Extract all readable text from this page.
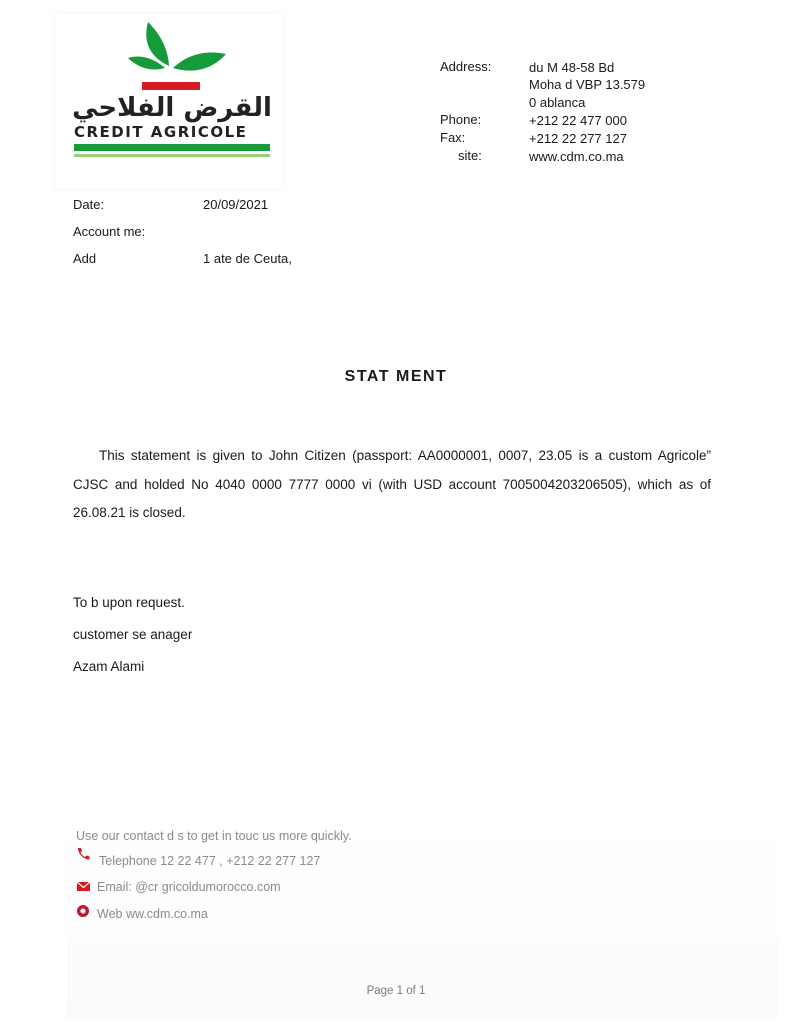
القرض الفلاحي
CREDIT AGRICOLE
Address:	du M 48-58 Bd
Moha d VBP 13.579
0 ablanca
Phone:	+212 22 477 000
Fax:	+212 22 277 127
site:	www.cdm.co.ma
Date:	20/09/2021
Account me:
Add	1 ate de Ceuta,
STAT MENT
This statement is given to John Citizen (passport: AA0000001, 0007, 23.05 is a custom Agricole” CJSC and holded No 4040 0000 7777 0000 vi (with USD account 7005004203206505), which as of 26.08.21 is closed.
To b upon request.
customer se anager
Azam Alami
Use our contact d s to get in touc us more quickly.
Telephone 12 22 477 , +212 22 277 127
Email: @cr gricoldumorocco.com
Web ww.cdm.co.ma
Page 1 of 1
